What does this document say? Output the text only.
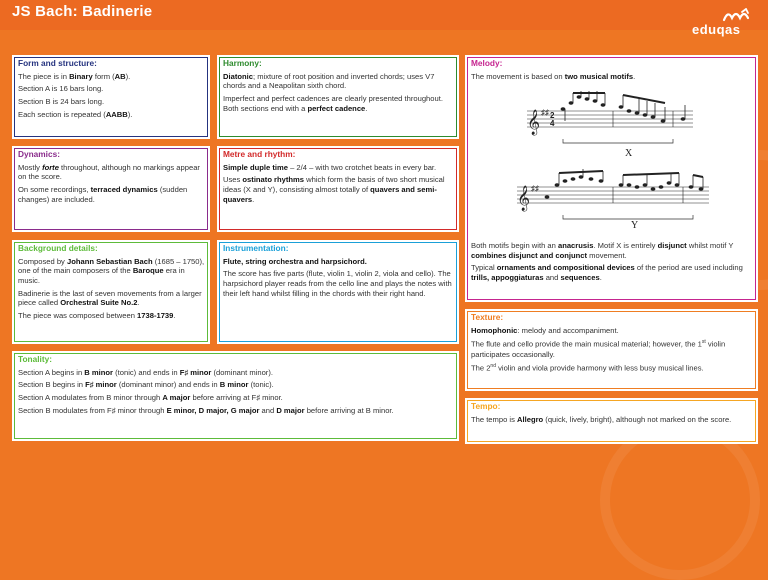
JS Bach: Badinerie
eduqas
Form and structure:

The piece is in Binary form (AB).

Section A is 16 bars long.

Section B is 24 bars long.

Each section is repeated (AABB).

Harmony:

Diatonic; mixture of root position and inverted chords; uses V7 chords and a Neapolitan sixth chord.

Imperfect and perfect cadences are clearly presented throughout. Both sections end with a perfect cadence.

Melody:

The movement is based on two musical motifs.

𝄞 ♯♯ 2
4
X
𝄞 ♯♯
Y

Both motifs begin with an anacrusis. Motif X is entirely disjunct whilst motif Y combines disjunct and conjunct movement.

Typical ornaments and compositional devices of the period are used including trills, appoggiaturas and sequences.

Dynamics:

Mostly forte throughout, although no markings appear on the score.

On some recordings, terraced dynamics (sudden changes) are included.

Metre and rhythm:

Simple duple time – 2/4 – with two crotchet beats in every bar.

Uses ostinato rhythms which form the basis of two short musical ideas (X and Y), consisting almost totally of quavers and semi-quavers.

Background details:

Composed by Johann Sebastian Bach (1685 – 1750), one of the main composers of the Baroque era in music.

Badinerie is the last of seven movements from a larger piece called Orchestral Suite No.2.

The piece was composed between 1738-1739.

Instrumentation:

Flute, string orchestra and harpsichord.

The score has five parts (flute, violin 1, violin 2, viola and cello). The harpsichord player reads from the cello line and plays the notes with their left hand whilst filling in the chords with their right hand.

Texture:

Homophonic: melody and accompaniment.

The flute and cello provide the main musical material; however, the 1st violin participates occasionally.

The 2nd violin and viola provide harmony with less busy musical lines.

Tonality:

Section A begins in B minor (tonic) and ends in F♯ minor (dominant minor).

Section B begins in F♯ minor (dominant minor) and ends in B minor (tonic).

Section A modulates from B minor through A major before arriving at F♯ minor.

Section B modulates from F♯ minor through E minor, D major, G major and D major before arriving at B minor.	Tempo:

The tempo is Allegro (quick, lively, bright), although not marked on the score.
